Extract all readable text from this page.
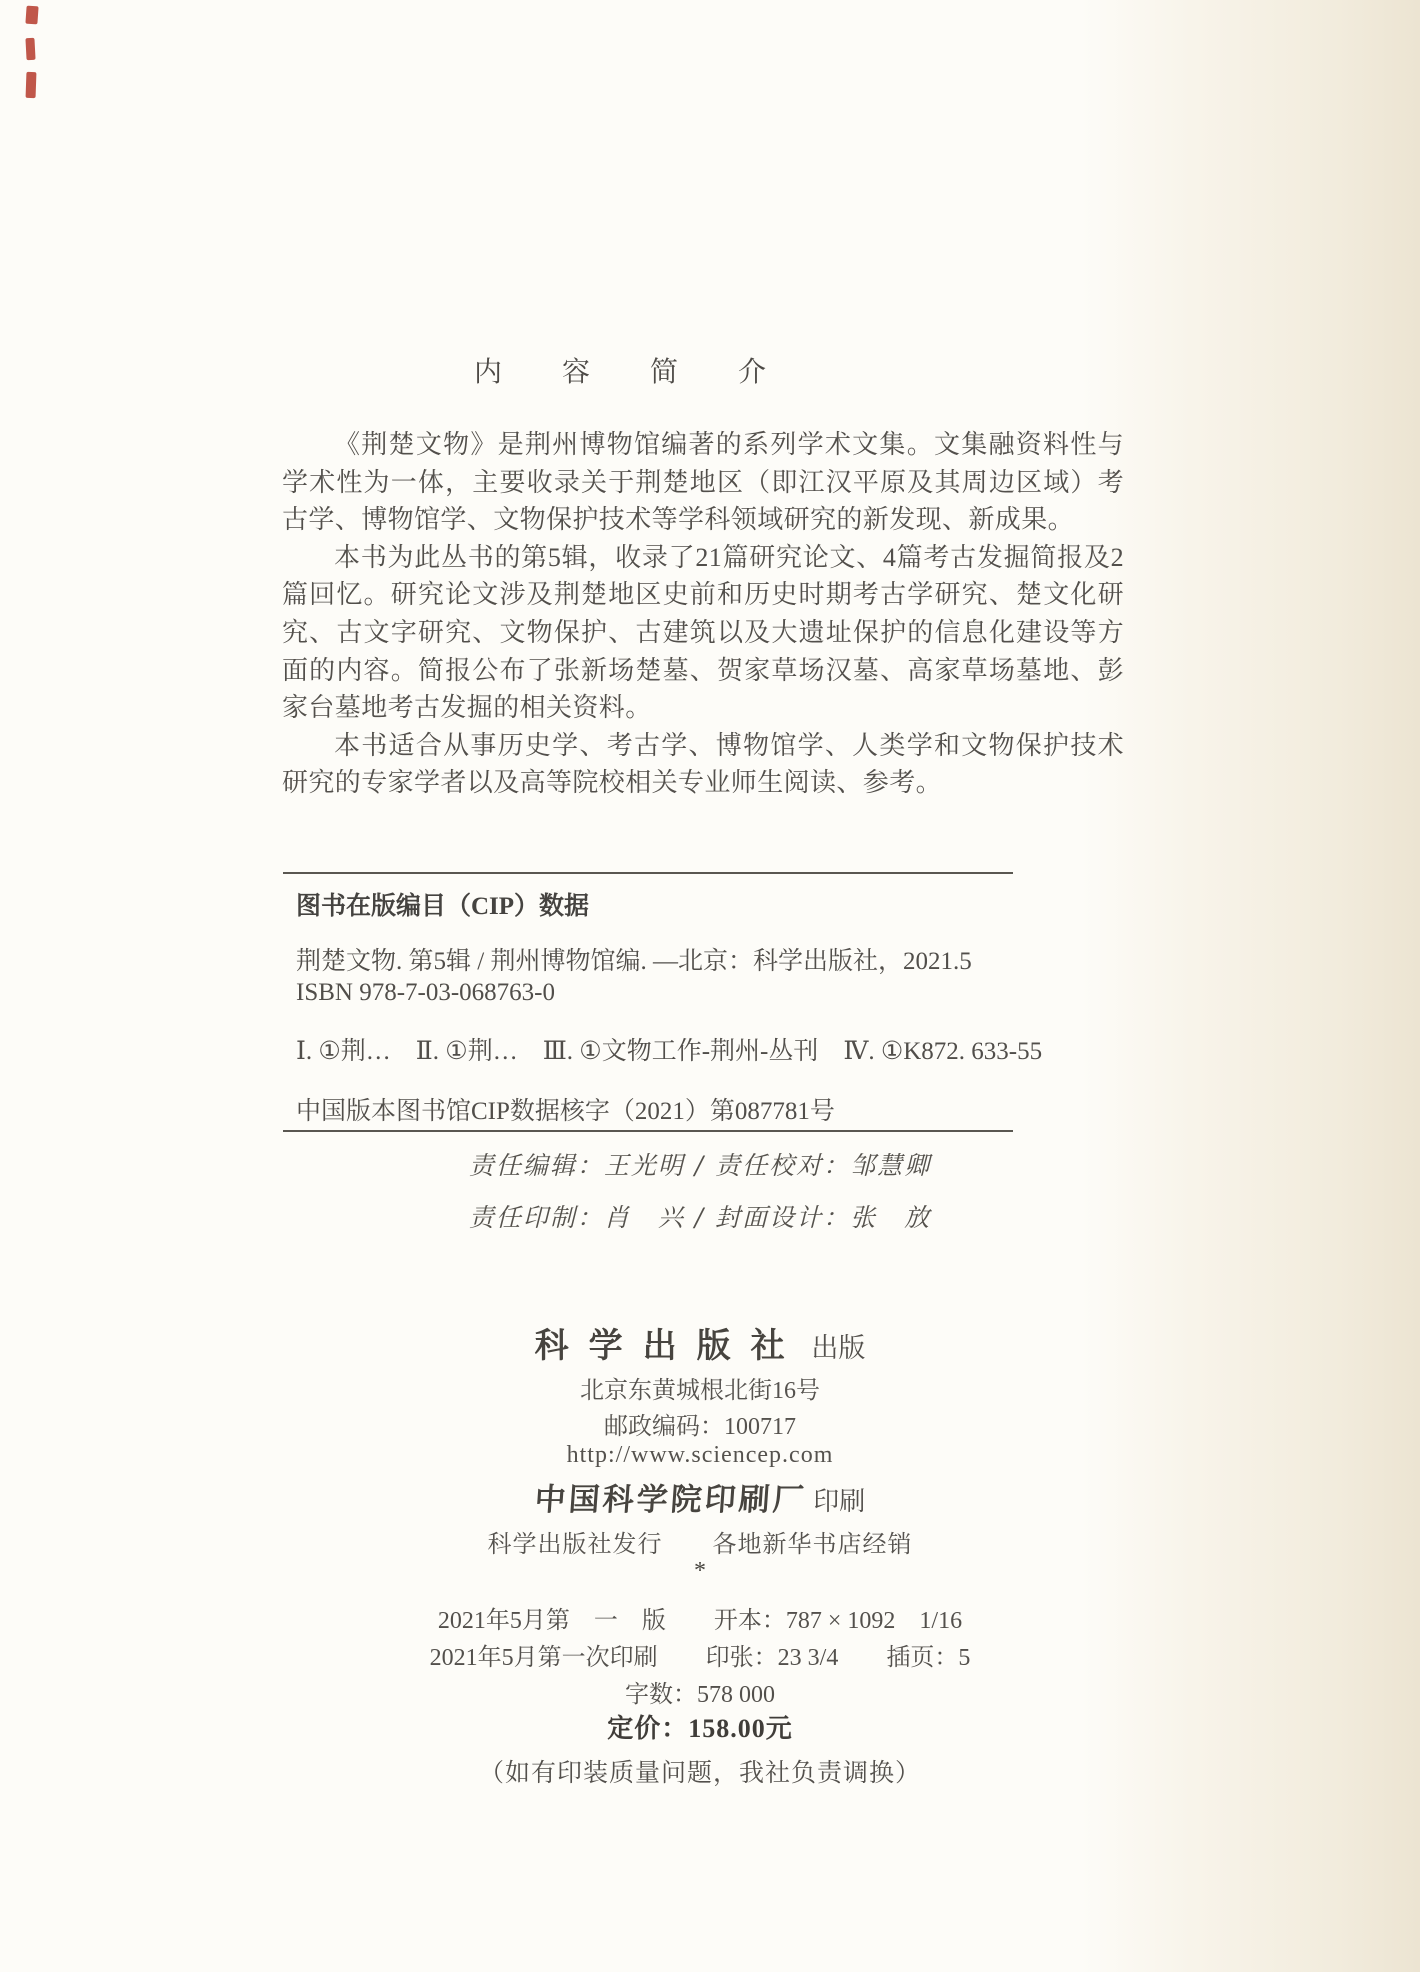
内　容　简　介

《荆楚文物》是荆州博物馆编著的系列学术文集。文集融资料性与学术性为一体，主要收录关于荆楚地区（即江汉平原及其周边区域）考古学、博物馆学、文物保护技术等学科领域研究的新发现、新成果。

本书为此丛书的第5辑，收录了21篇研究论文、4篇考古发掘简报及2篇回忆。研究论文涉及荆楚地区史前和历史时期考古学研究、楚文化研究、古文字研究、文物保护、古建筑以及大遗址保护的信息化建设等方面的内容。简报公布了张新场楚墓、贺家草场汉墓、高家草场墓地、彭家台墓地考古发掘的相关资料。

本书适合从事历史学、考古学、博物馆学、人类学和文物保护技术研究的专家学者以及高等院校相关专业师生阅读、参考。

图书在版编目（CIP）数据
荆楚文物. 第5辑 / 荆州博物馆编. —北京：科学出版社，2021.5
ISBN 978-7-03-068763-0
Ⅰ. ①荆…　Ⅱ. ①荆…　Ⅲ. ①文物工作-荆州-丛刊　Ⅳ. ①K872. 633-55
中国版本图书馆CIP数据核字（2021）第087781号
责任编辑：王光明 / 责任校对：邹慧卿
责任印制：肖　兴 / 封面设计：张　放
科学出版社 出版
北京东黄城根北街16号
邮政编码：100717
http://www.sciencep.com
中国科学院印刷厂 印刷
科学出版社发行　　各地新华书店经销
*
2021年5月第　一　版　　开本：787 × 1092　1/16
2021年5月第一次印刷　　印张：23 3/4　　插页：5
字数：578 000
定价：158.00元
（如有印装质量问题，我社负责调换）
